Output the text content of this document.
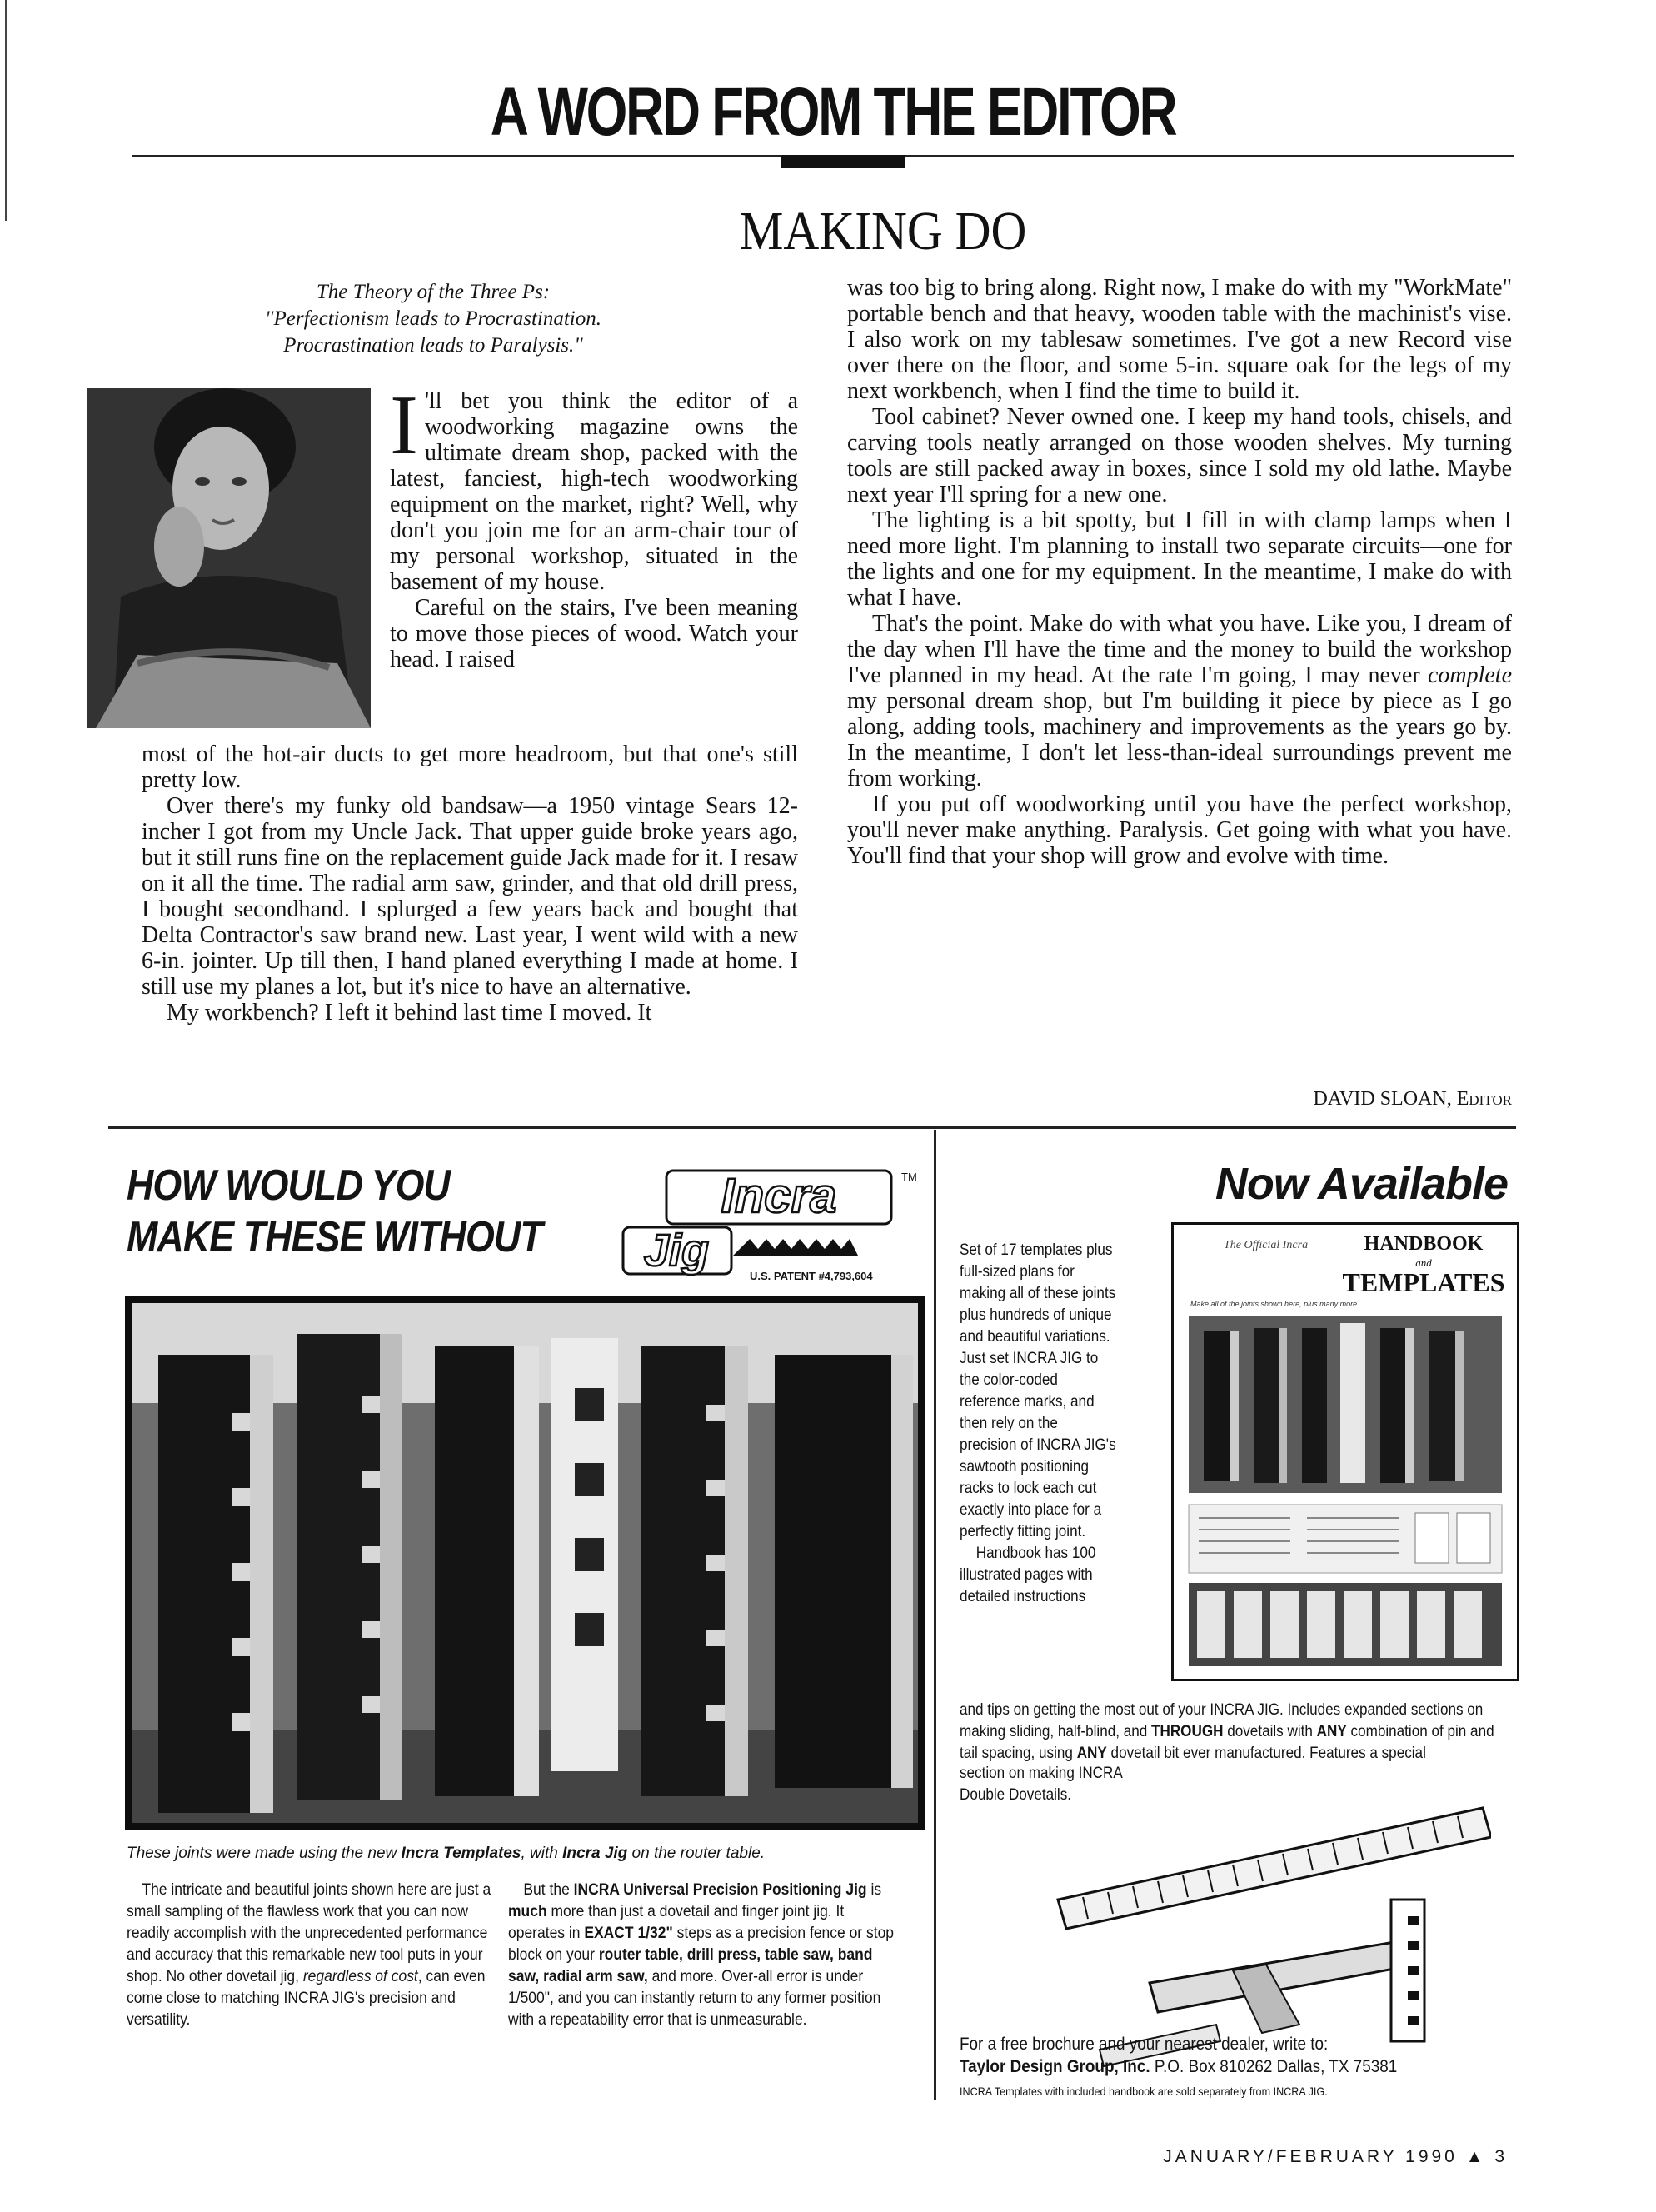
A WORD FROM THE EDITOR
MAKING DO
The Theory of the Three Ps:
"Perfectionism leads to Procrastination.
Procrastination leads to Paralysis."

I 'll bet you think the editor of a woodworking magazine owns the ultimate dream shop, packed with the latest, fanciest, high-tech woodworking equipment on the market, right? Well, why don't you join me for an arm-chair tour of my personal workshop, situated in the basement of my house.

Careful on the stairs, I've been meaning to move those pieces of wood. Watch your head. I raised

most of the hot-air ducts to get more headroom, but that one's still pretty low.

Over there's my funky old bandsaw—a 1950 vintage Sears 12-incher I got from my Uncle Jack. That upper guide broke years ago, but it still runs fine on the replacement guide Jack made for it. I resaw on it all the time. The radial arm saw, grinder, and that old drill press, I bought secondhand. I splurged a few years back and bought that Delta Contractor's saw brand new. Last year, I went wild with a new 6-in. jointer. Up till then, I hand planed everything I made at home. I still use my planes a lot, but it's nice to have an alternative.

My workbench? I left it behind last time I moved. It

was too big to bring along. Right now, I make do with my "WorkMate" portable bench and that heavy, wooden table with the machinist's vise. I also work on my tablesaw sometimes. I've got a new Record vise over there on the floor, and some 5-in. square oak for the legs of my next workbench, when I find the time to build it.

Tool cabinet? Never owned one. I keep my hand tools, chisels, and carving tools neatly arranged on those wooden shelves. My turning tools are still packed away in boxes, since I sold my old lathe. Maybe next year I'll spring for a new one.

The lighting is a bit spotty, but I fill in with clamp lamps when I need more light. I'm planning to install two separate circuits—one for the lights and one for my equipment. In the meantime, I make do with what I have.

That's the point. Make do with what you have. Like you, I dream of the day when I'll have the time and the money to build the workshop I've planned in my head. At the rate I'm going, I may never complete my personal dream shop, but I'm building it piece by piece as I go along, adding tools, machinery and improvements as the years go by. In the meantime, I don't let less-than-ideal surroundings prevent me from working.

If you put off woodworking until you have the perfect workshop, you'll never make anything. Paralysis. Get going with what you have. You'll find that your shop will grow and evolve with time.

DAVID SLOAN, Editor
HOW WOULD YOU
MAKE THESE WITHOUT
Incra	TM
Jig
U.S. PATENT #4,793,604
These joints were made using the new Incra Templates, with Incra Jig on the router table.

The intricate and beautiful joints shown here are just a small sampling of the flawless work that you can now readily accomplish with the unprecedented performance and accuracy that this remarkable new tool puts in your shop. No other dovetail jig, regardless of cost, can even come close to matching INCRA JIG's precision and versatility.

But the INCRA Universal Precision Positioning Jig is much more than just a dovetail and finger joint jig. It operates in EXACT 1/32" steps as a precision fence or stop block on your router table, drill press, table saw, band saw, radial arm saw, and more. Over-all error is under 1/500", and you can instantly return to any former position with a repeatability error that is unmeasurable.

Now Available

Set of 17 templates plus full-sized plans for making all of these joints plus hundreds of unique and beautiful variations. Just set INCRA JIG to the color-coded reference marks, and then rely on the precision of INCRA JIG's sawtooth positioning racks to lock each cut exactly into place for a perfectly fitting joint.

Handbook has 100 illustrated pages with detailed instructions

The Official Incra	HANDBOOK
and
TEMPLATES
Make all of the joints shown here, plus many more
and tips on getting the most out of your INCRA JIG. Includes expanded sections on making sliding, half-blind, and THROUGH dovetails with ANY combination of pin and tail spacing, using ANY dovetail bit ever manufactured. Features a special
section on making INCRA Double Dovetails.
For a free brochure and your nearest dealer, write to:
Taylor Design Group, Inc. P.O. Box 810262 Dallas, TX 75381
INCRA Templates with included handbook are sold separately from INCRA JIG.
JANUARY/FEBRUARY 1990 ▲ 3
